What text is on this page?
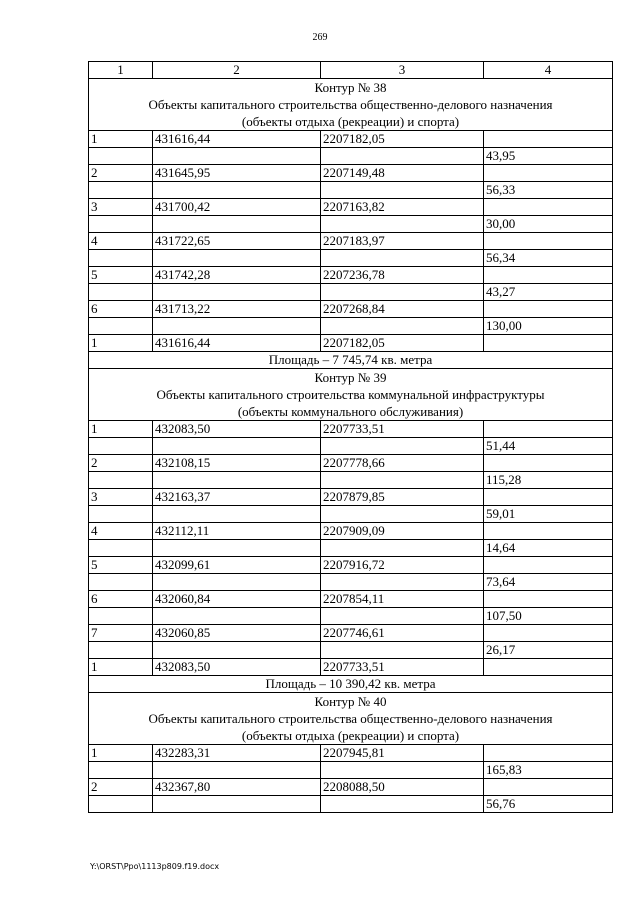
269
1	2	3	4

Контур № 38
Объекты капитального строительства общественно-делового назначения
(объекты отдыха (рекреации) и спорта)			

1	431616,44	2207182,05	
			43,95
2	431645,95	2207149,48	
			56,33
3	431700,42	2207163,82	
			30,00
4	431722,65	2207183,97	
			56,34
5	431742,28	2207236,78	
			43,27
6	431713,22	2207268,84	
			130,00
1	431616,44	2207182,05	
Площадь – 7 745,74 кв. метра			

Контур № 39
Объекты капитального строительства коммунальной инфраструктуры
(объекты коммунального обслуживания)			

1	432083,50	2207733,51	
			51,44
2	432108,15	2207778,66	
			115,28
3	432163,37	2207879,85	
			59,01
4	432112,11	2207909,09	
			14,64
5	432099,61	2207916,72	
			73,64
6	432060,84	2207854,11	
			107,50
7	432060,85	2207746,61	
			26,17
1	432083,50	2207733,51	
Площадь – 10 390,42 кв. метра			

Контур № 40
Объекты капитального строительства общественно-делового назначения
(объекты отдыха (рекреации) и спорта)			

1	432283,31	2207945,81	
			165,83
2	432367,80	2208088,50	
			56,76
Y:\ORST\Ppo\1113p809.f19.docx
